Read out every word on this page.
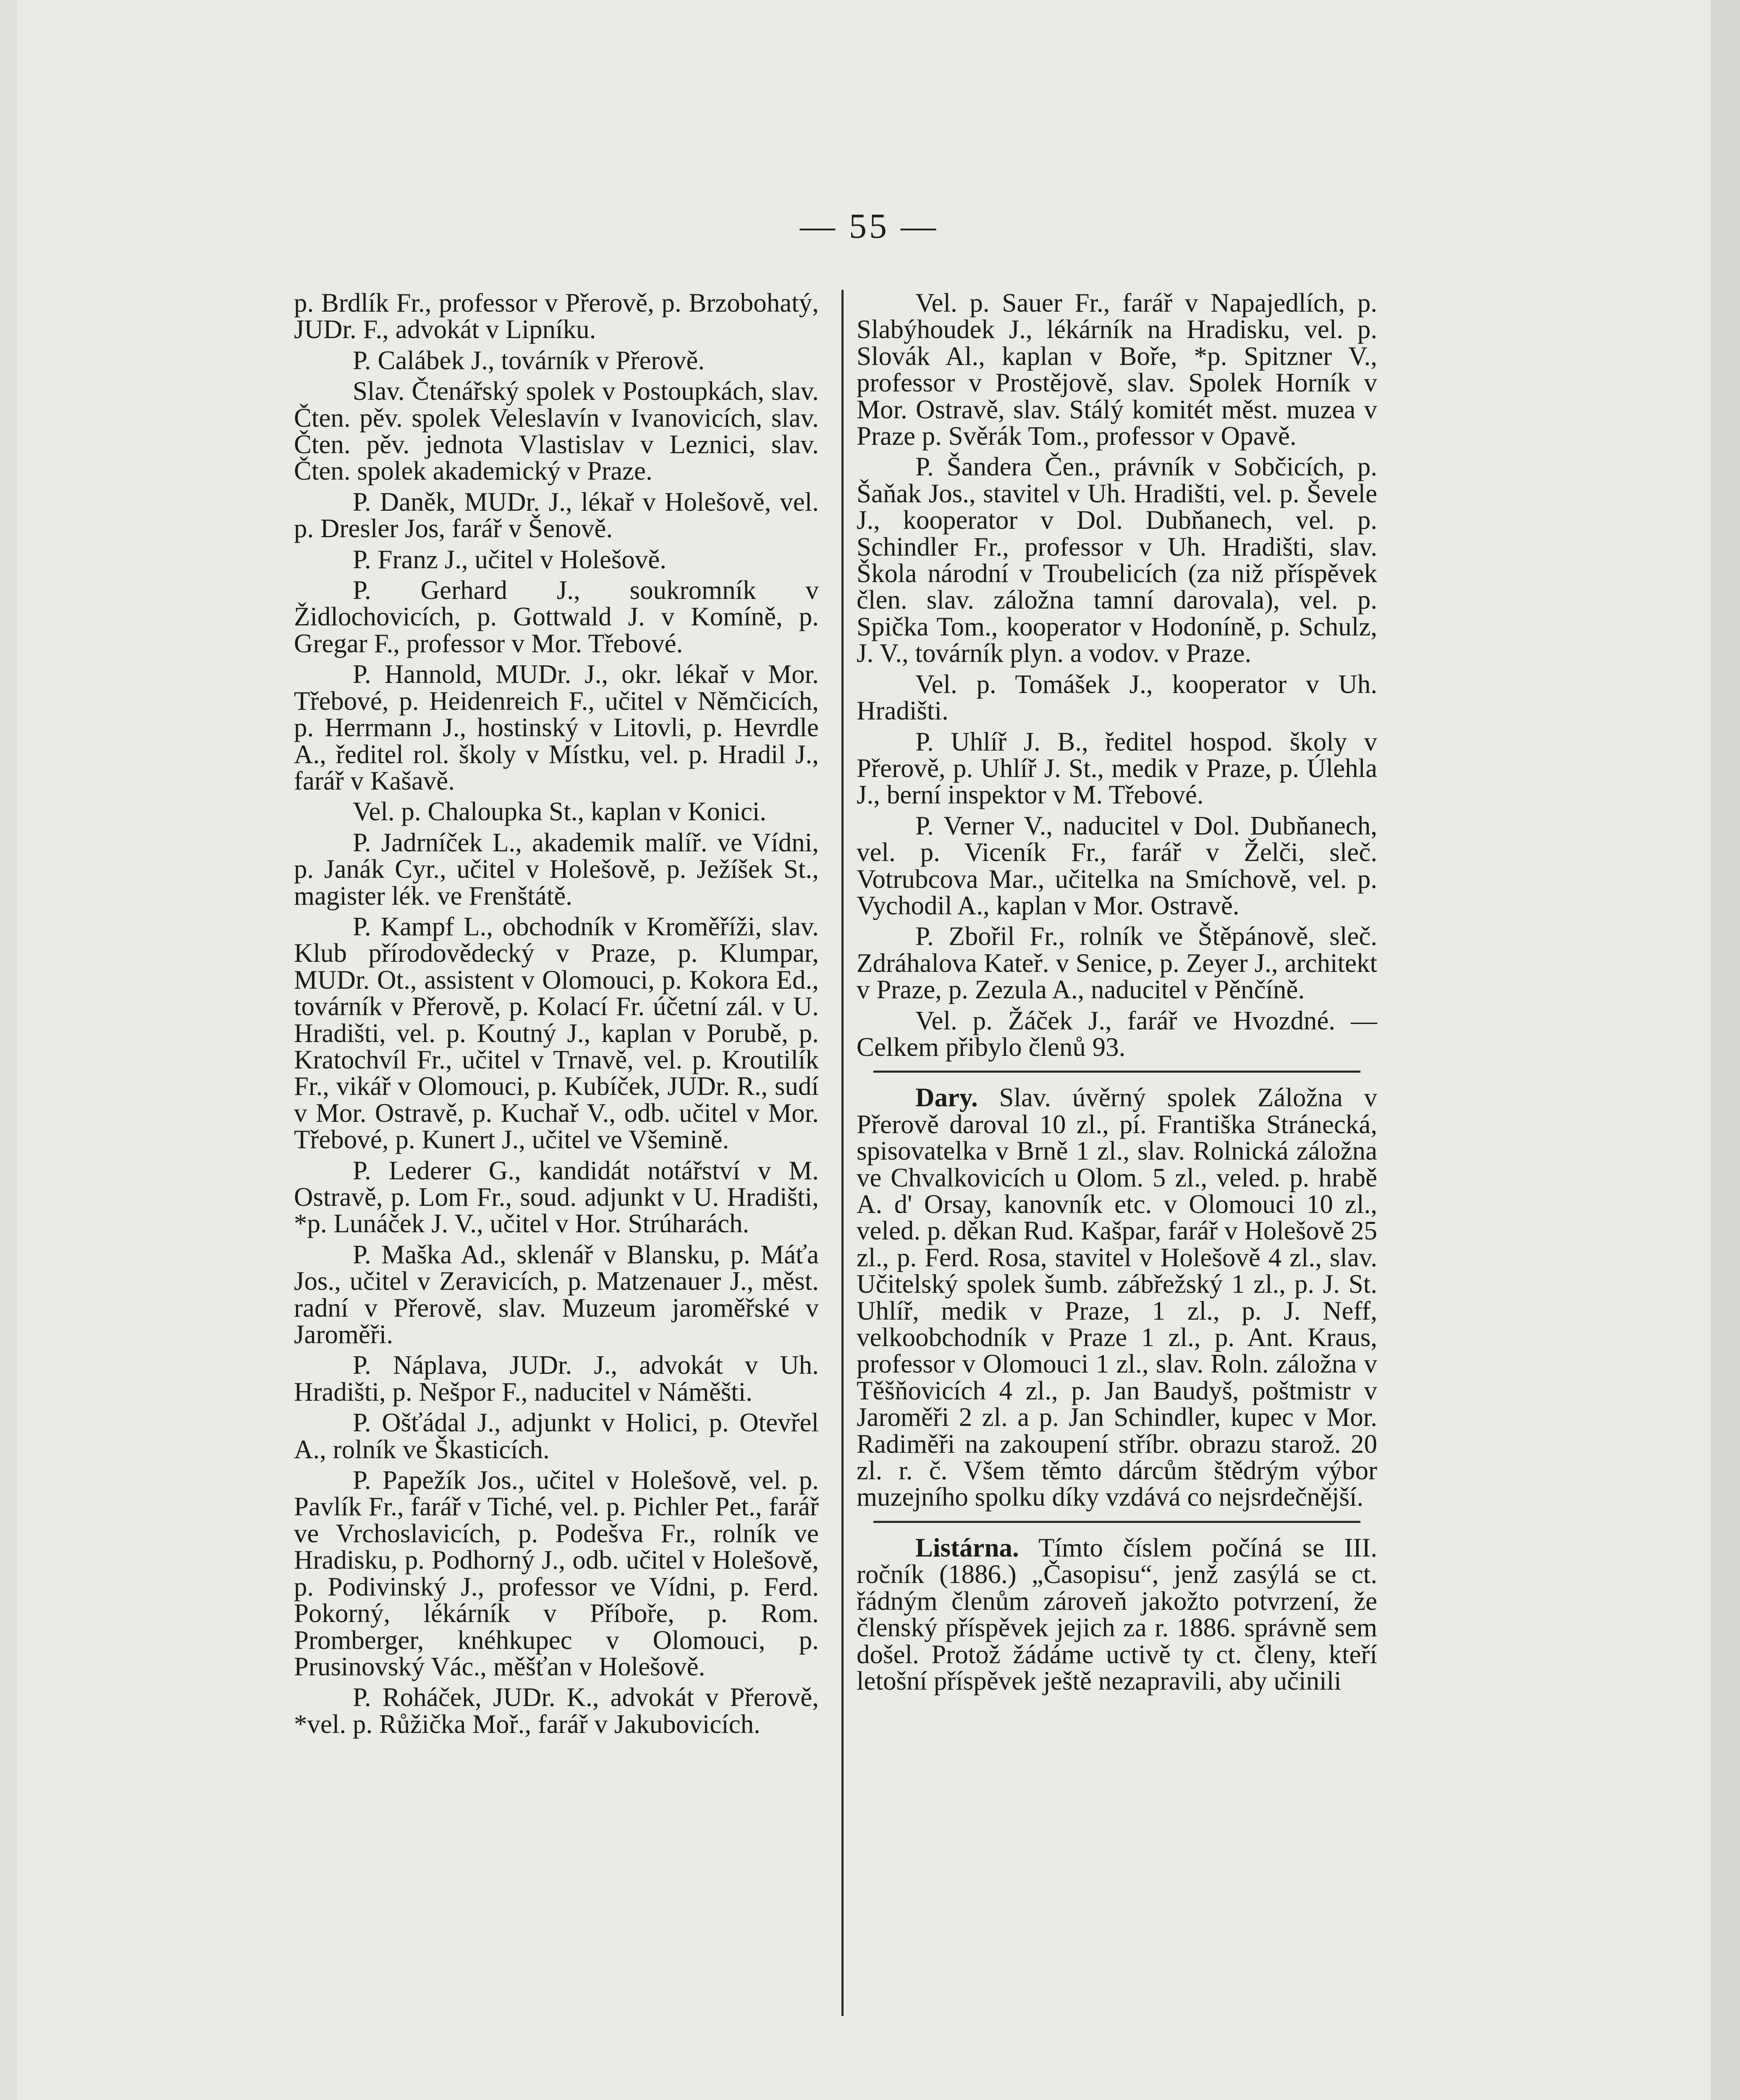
— 55 —

p. Brdlík Fr., professor v Přerově, p. Brzobohatý, JUDr. F., advokát v Lipníku.

P. Calábek J., továrník v Přerově.

Slav. Čtenářský spolek v Postoupkách, slav. Čten. pěv. spolek Veleslavín v Ivanovicích, slav. Čten. pěv. jednota Vlastislav v Leznici, slav. Čten. spolek akademický v Praze.

P. Daněk, MUDr. J., lékař v Holešově, vel. p. Dresler Jos, farář v Šenově.

P. Franz J., učitel v Holešově.

P. Gerhard J., soukromník v Židlochovicích, p. Gottwald J. v Komíně, p. Gregar F., professor v Mor. Třebové.

P. Hannold, MUDr. J., okr. lékař v Mor. Třebové, p. Heidenreich F., učitel v Němčicích, p. Herrmann J., hostinský v Litovli, p. Hevrdle A., ředitel rol. školy v Místku, vel. p. Hradil J., farář v Kašavě.

Vel. p. Chaloupka St., kaplan v Konici.

P. Jadrníček L., akademik malíř. ve Vídni, p. Janák Cyr., učitel v Holešově, p. Ježíšek St., magister lék. ve Frenštátě.

P. Kampf L., obchodník v Kroměříži, slav. Klub přírodovědecký v Praze, p. Klumpar, MUDr. Ot., assistent v Olomouci, p. Kokora Ed., továrník v Přerově, p. Kolací Fr. účetní zál. v U. Hradišti, vel. p. Koutný J., kaplan v Porubě, p. Kratochvíl Fr., učitel v Trnavě, vel. p. Kroutilík Fr., vikář v Olomouci, p. Kubíček, JUDr. R., sudí v Mor. Ostravě, p. Kuchař V., odb. učitel v Mor. Třebové, p. Kunert J., učitel ve Všemině.

P. Lederer G., kandidát notářství v M. Ostravě, p. Lom Fr., soud. adjunkt v U. Hradišti, *p. Lunáček J. V., učitel v Hor. Strúharách.

P. Maška Ad., sklenář v Blansku, p. Máťa Jos., učitel v Zeravicích, p. Matzenauer J., měst. radní v Přerově, slav. Muzeum jaroměřské v Jaroměři.

P. Náplava, JUDr. J., advokát v Uh. Hradišti, p. Nešpor F., naducitel v Náměšti.

P. Ošťádal J., adjunkt v Holici, p. Otevřel A., rolník ve Škasticích.

P. Papežík Jos., učitel v Holešově, vel. p. Pavlík Fr., farář v Tiché, vel. p. Pichler Pet., farář ve Vrchoslavicích, p. Podešva Fr., rolník ve Hradisku, p. Podhorný J., odb. učitel v Holešově, p. Podivinský J., professor ve Vídni, p. Ferd. Pokorný, lékárník v Příboře, p. Rom. Promberger, knéhkupec v Olomouci, p. Prusinovský Vác., měšťan v Holešově.

P. Roháček, JUDr. K., advokát v Přerově, *vel. p. Růžička Mоř., farář v Jakubovicích.

Vel. p. Sauer Fr., farář v Napajedlích, p. Slabýhoudek J., lékárník na Hradisku, vel. p. Slovák Al., kaplan v Boře, *p. Spitzner V., professor v Prostějově, slav. Spolek Horník v Mor. Ostravě, slav. Stálý komitét měst. muzea v Praze p. Svěrák Tom., professor v Opavě.

P. Šandera Čen., právník v Sobčicích, p. Šaňak Jos., stavitel v Uh. Hradišti, vel. p. Ševele J., kooperator v Dol. Dubňanech, vel. p. Schindler Fr., professor v Uh. Hradišti, slav. Škola národní v Troubelicích (za niž příspěvek člen. slav. záložna tamní darovala), vel. p. Spička Tom., kooperator v Hodoníně, p. Schulz, J. V., továrník plyn. a vodov. v Praze.

Vel. p. Tomášek J., kooperator v Uh. Hradišti.

P. Uhlíř J. B., ředitel hospod. školy v Přerově, p. Uhlíř J. St., medik v Praze, p. Úlehla J., berní inspektor v M. Třebové.

P. Verner V., naducitel v Dol. Dubňanech, vel. p. Viceník Fr., farář v Želči, slеč. Votrubcova Mar., učitelka na Smíchově, vel. p. Vychodil A., kaplan v Mor. Ostravě.

P. Zbořil Fr., rolník ve Štěpánově, slеč. Zdráhalova Kateř. v Senice, p. Zeyer J., architekt v Praze, p. Zezula A., naducitel v Pěnčíně.

Vel. p. Žáček J., farář ve Hvozdné. — Celkem přibylo členů 93.

Dary. Slav. úvěrný spolek Záložna v Přerově daroval 10 zl., pí. Františka Stránecká, spisovatelka v Brně 1 zl., slav. Rolnická záložna ve Chvalkovicích u Olom. 5 zl., veled. p. hrabě A. d' Orsay, kanovník etc. v Olomouci 10 zl., veled. p. děkan Rud. Kašpar, farář v Holešově 25 zl., p. Ferd. Rosa, stavitel v Holešově 4 zl., slav. Učitelský spolek šumb. zábřežský 1 zl., p. J. St. Uhlíř, medik v Praze, 1 zl., p. J. Neff, velkoobchodník v Praze 1 zl., p. Ant. Kraus, professor v Olomouci 1 zl., slav. Roln. záložna v Těšňovicích 4 zl., p. Jan Baudyš, poštmistr v Jaroměři 2 zl. a p. Jan Schindler, kupec v Mor. Radiměři na zakoupení stříbr. obrazu starož. 20 zl. r. č. Všem těmto dárcům štědrým výbor muzejního spolku díky vzdává co nejsrdečnější.

Listárna. Tímto číslem počíná se III. ročník (1886.) „Časopisu“, jenž zasýlá se ct. řádným členům zároveň jakožto potvrzení, že členský příspěvek jejich za r. 1886. správně sem došel. Protož žádáme uctivě ty ct. členy, kteří letošní příspěvek ještě nezapravili, aby učinili
